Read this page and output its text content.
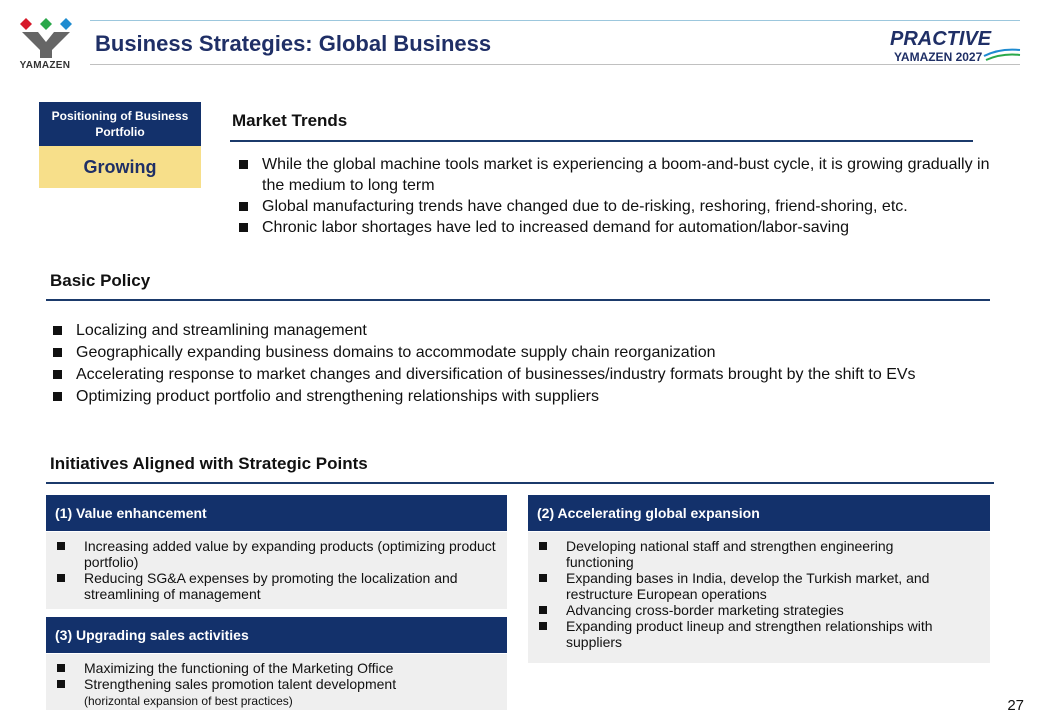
YAMAZEN
Business Strategies: Global Business	PRACTIVE
YAMAZEN 2027
Positioning of Business Portfolio
Growing
Market Trends
While the global machine tools market is experiencing a boom-and-bust cycle, it is growing gradually in the medium to long term
Global manufacturing trends have changed due to de-risking, reshoring, friend-shoring, etc.
Chronic labor shortages have led to increased demand for automation/labor-saving
Basic Policy
Localizing and streamlining management
Geographically expanding business domains to accommodate supply chain reorganization
Accelerating response to market changes and diversification of businesses/industry formats brought by the shift to EVs
Optimizing product portfolio and strengthening relationships with suppliers
Initiatives Aligned with Strategic Points
(1) Value enhancement
Increasing added value by expanding products (optimizing product portfolio)
Reducing SG&A expenses by promoting the localization and streamlining of management
(2) Accelerating global expansion
Developing national staff and strengthen engineering functioning
Expanding bases in India, develop the Turkish market, and restructure European operations
Advancing cross-border marketing strategies
Expanding product lineup and strengthen relationships with suppliers
(3) Upgrading sales activities
Maximizing the functioning of the Marketing Office
Strengthening sales promotion talent development
(horizontal expansion of best practices)	27
